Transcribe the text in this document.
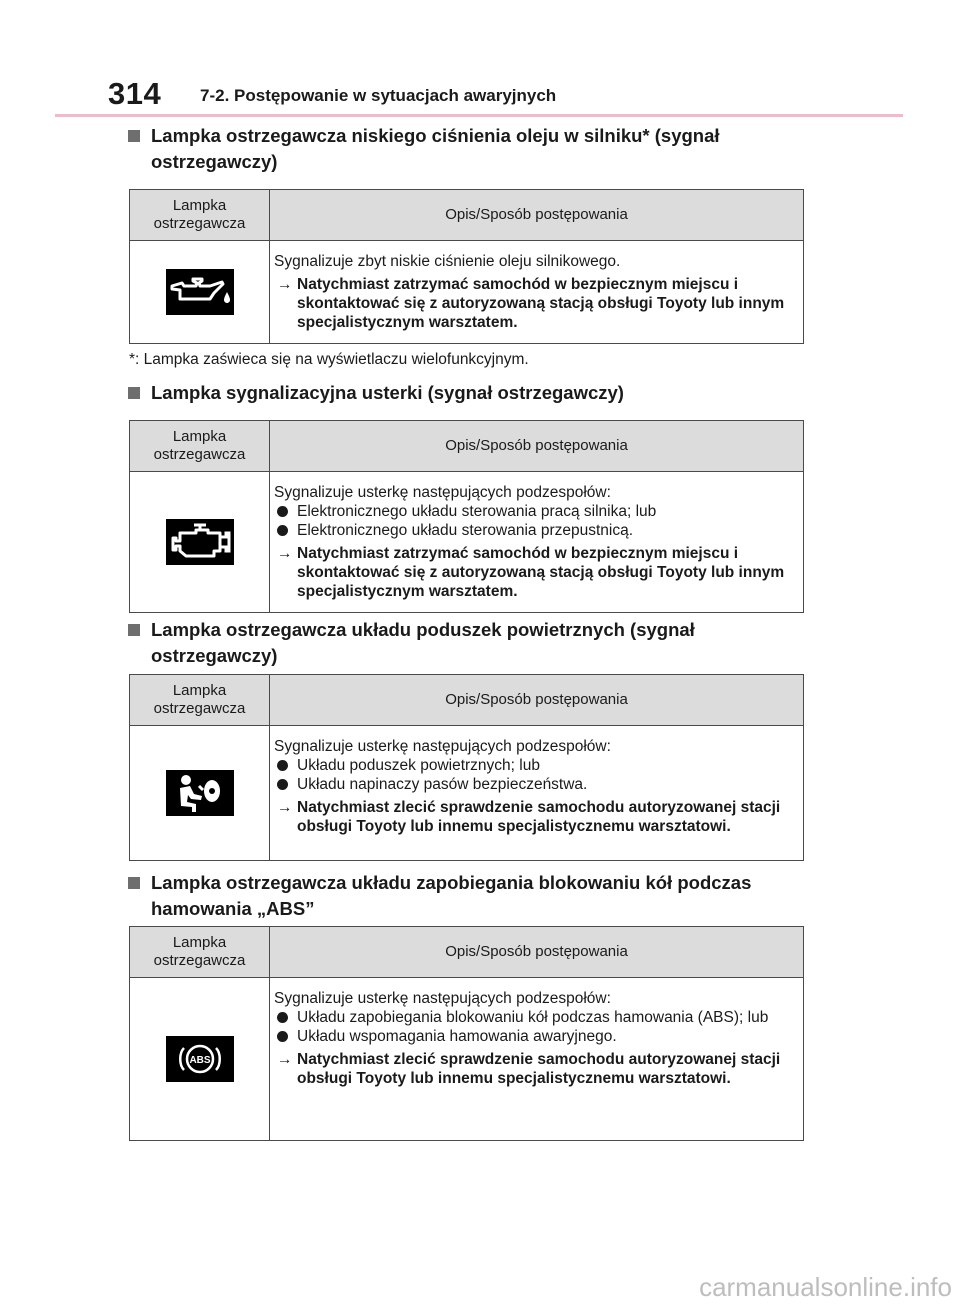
314 7-2. Postępowanie w sytuacjach awaryjnych
Lampka ostrzegawcza niskiego ciśnienia oleju w silniku* (sygnał ostrzegawczy)
Lampka ostrzegawcza	Opis/Sposób postępowania

Sygnalizuje zbyt niskie ciśnienie oleju silnikowego.
→ Natychmiast zatrzymać samochód w bezpiecznym miejscu i skontaktować się z autoryzowaną stacją obsługi Toyoty lub innym specjalistycznym warsztatem.
*: Lampka zaświeca się na wyświetlaczu wielofunkcyjnym.
Lampka sygnalizacyjna usterki (sygnał ostrzegawczy)
Lampka ostrzegawcza	Opis/Sposób postępowania

Sygnalizuje usterkę następujących podzespołów:
Elektronicznego układu sterowania pracą silnika; lub
Elektronicznego układu sterowania przepustnicą.
→ Natychmiast zatrzymać samochód w bezpiecznym miejscu i skontaktować się z autoryzowaną stacją obsługi Toyoty lub innym specjalistycznym warsztatem.
Lampka ostrzegawcza układu poduszek powietrznych (sygnał ostrzegawczy)
Lampka ostrzegawcza	Opis/Sposób postępowania

Sygnalizuje usterkę następujących podzespołów:
Układu poduszek powietrznych; lub
Układu napinaczy pasów bezpieczeństwa.
→ Natychmiast zlecić sprawdzenie samochodu autoryzowanej stacji obsługi Toyoty lub innemu specjalistycznemu warsztatowi.
Lampka ostrzegawcza układu zapobiegania blokowaniu kół podczas hamowania „ABS”
Lampka ostrzegawcza	Opis/Sposób postępowania

ABS	Sygnalizuje usterkę następujących podzespołów:
Układu zapobiegania blokowaniu kół podczas hamowania (ABS); lub
Układu wspomagania hamowania awaryjnego.
→ Natychmiast zlecić sprawdzenie samochodu autoryzowanej stacji obsługi Toyoty lub innemu specjalistycznemu warsztatowi.
carmanualsonline.info
